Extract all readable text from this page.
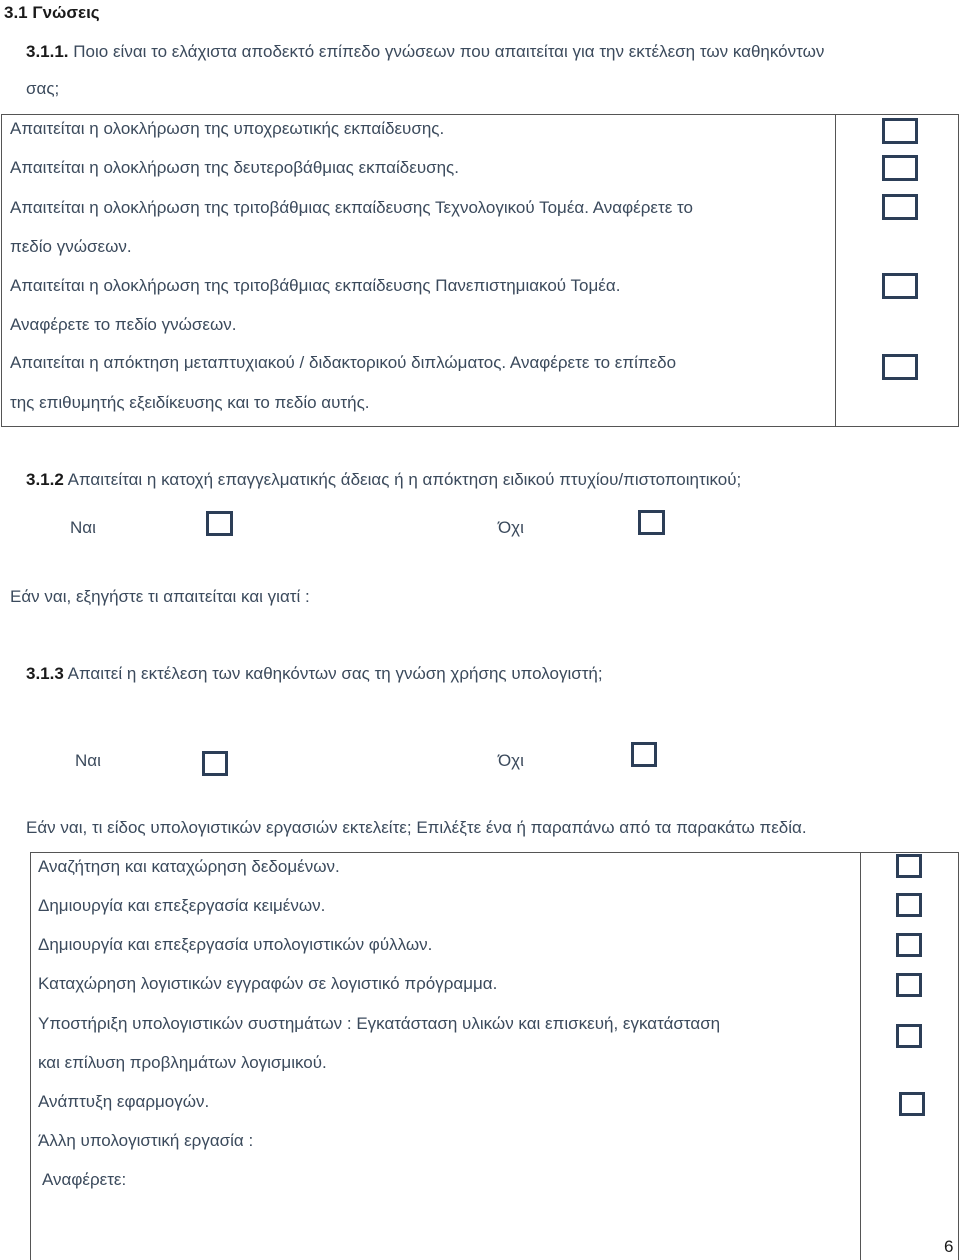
3.1 Γνώσεις
3.1.1. Ποιο είναι το ελάχιστα αποδεκτό επίπεδο γνώσεων που απαιτείται για την εκτέλεση των καθηκόντων
σας;
Απαιτείται η ολοκλήρωση της υποχρεωτικής εκπαίδευσης.
Απαιτείται η ολοκλήρωση της δευτεροβάθμιας εκπαίδευσης.
Απαιτείται η ολοκλήρωση της τριτοβάθμιας εκπαίδευσης Τεχνολογικού Τομέα. Αναφέρετε το
πεδίο γνώσεων.
Απαιτείται η ολοκλήρωση της τριτοβάθμιας εκπαίδευσης Πανεπιστημιακού Τομέα.
Αναφέρετε το πεδίο γνώσεων.
Απαιτείται η απόκτηση μεταπτυχιακού / διδακτορικού διπλώματος. Αναφέρετε το επίπεδο
της επιθυμητής εξειδίκευσης και το πεδίο αυτής.
3.1.2 Απαιτείται η κατοχή επαγγελματικής άδειας ή η απόκτηση ειδικού πτυχίου/πιστοποιητικού;
Ναι	Όχι
Εάν ναι, εξηγήστε τι απαιτείται και γιατί :
3.1.3 Απαιτεί η εκτέλεση των καθηκόντων σας τη γνώση χρήσης υπολογιστή;
Ναι	Όχι
Εάν ναι, τι είδος υπολογιστικών εργασιών εκτελείτε; Επιλέξτε ένα ή παραπάνω από τα παρακάτω πεδία.
Αναζήτηση και καταχώρηση δεδομένων.
Δημιουργία και επεξεργασία κειμένων.
Δημιουργία και επεξεργασία υπολογιστικών φύλλων.
Καταχώρηση λογιστικών εγγραφών σε λογιστικό πρόγραμμα.
Υποστήριξη υπολογιστικών συστημάτων : Εγκατάσταση υλικών και επισκευή, εγκατάσταση
και επίλυση προβλημάτων λογισμικού.
Ανάπτυξη εφαρμογών.
Άλλη υπολογιστική εργασία :
Αναφέρετε:
6
